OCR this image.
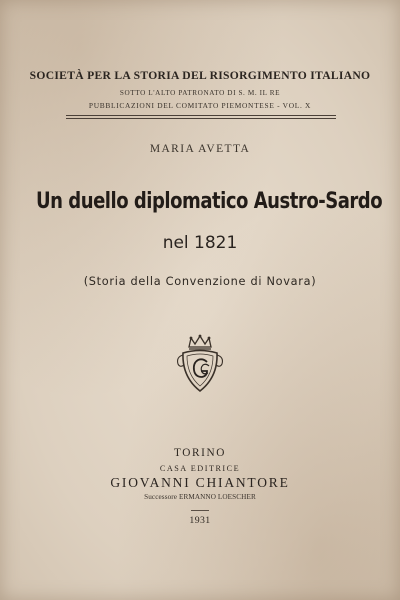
SOCIETÀ PER LA STORIA DEL RISORGIMENTO ITALIANO
SOTTO L'ALTO PATRONATO DI S. M. IL RE
PUBBLICAZIONI DEL COMITATO PIEMONTESE - VOL. X
MARIA AVETTA
Un duello diplomatico Austro-Sardo
nel 1821
(Storia della Convenzione di Novara)
TORINO
CASA EDITRICE
GIOVANNI CHIANTORE
Successore ERMANNO LOESCHER
1931
